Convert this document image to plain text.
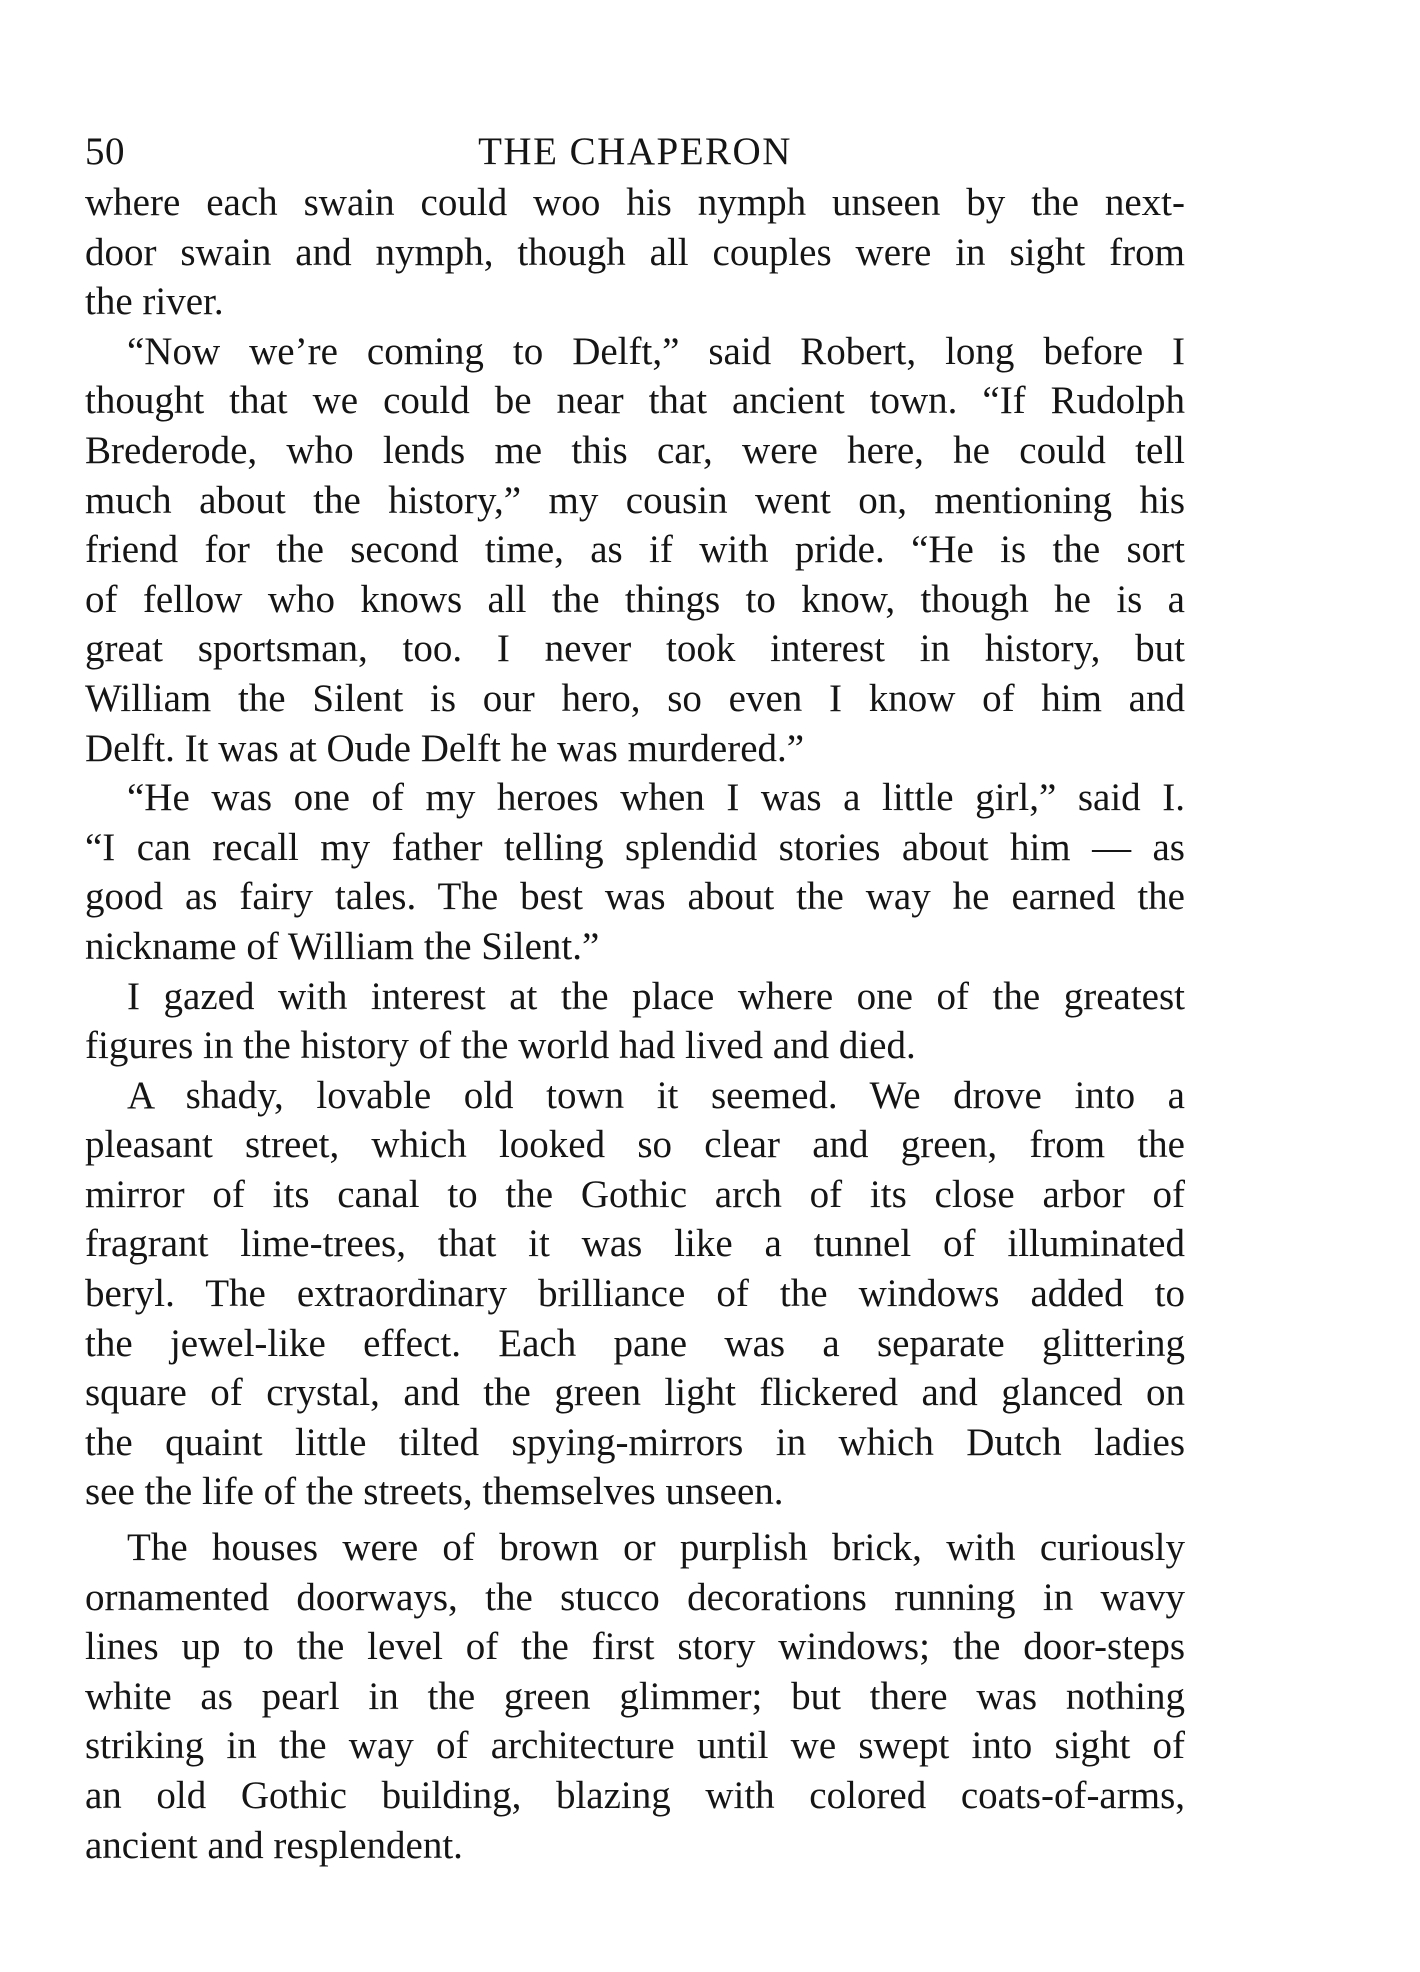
50	THE CHAPERON

where each swain could woo his nymph unseen by the next-
door swain and nymph, though all couples were in sight from
the river.

“Now we’re coming to Delft,” said Robert, long before I
thought that we could be near that ancient town. “If Rudolph
Brederode, who lends me this car, were here, he could tell
much about the history,” my cousin went on, mentioning his
friend for the second time, as if with pride. “He is the sort
of fellow who knows all the things to know, though he is a
great sportsman, too. I never took interest in history, but
William the Silent is our hero, so even I know of him and
Delft. It was at Oude Delft he was murdered.”

“He was one of my heroes when I was a little girl,” said I.
“I can recall my father telling splendid stories about him — as
good as fairy tales. The best was about the way he earned the
nickname of William the Silent.”

I gazed with interest at the place where one of the greatest
figures in the history of the world had lived and died.

A shady, lovable old town it seemed. We drove into a
pleasant street, which looked so clear and green, from the
mirror of its canal to the Gothic arch of its close arbor of
fragrant lime-trees, that it was like a tunnel of illuminated
beryl. The extraordinary brilliance of the windows added to
the jewel-like effect. Each pane was a separate glittering
square of crystal, and the green light flickered and glanced on
the quaint little tilted spying-mirrors in which Dutch ladies
see the life of the streets, themselves unseen.

The houses were of brown or purplish brick, with curiously
ornamented doorways, the stucco decorations running in wavy
lines up to the level of the first story windows; the door-steps
white as pearl in the green glimmer; but there was nothing
striking in the way of architecture until we swept into sight of
an old Gothic building, blazing with colored coats-of-arms,
ancient and resplendent.
